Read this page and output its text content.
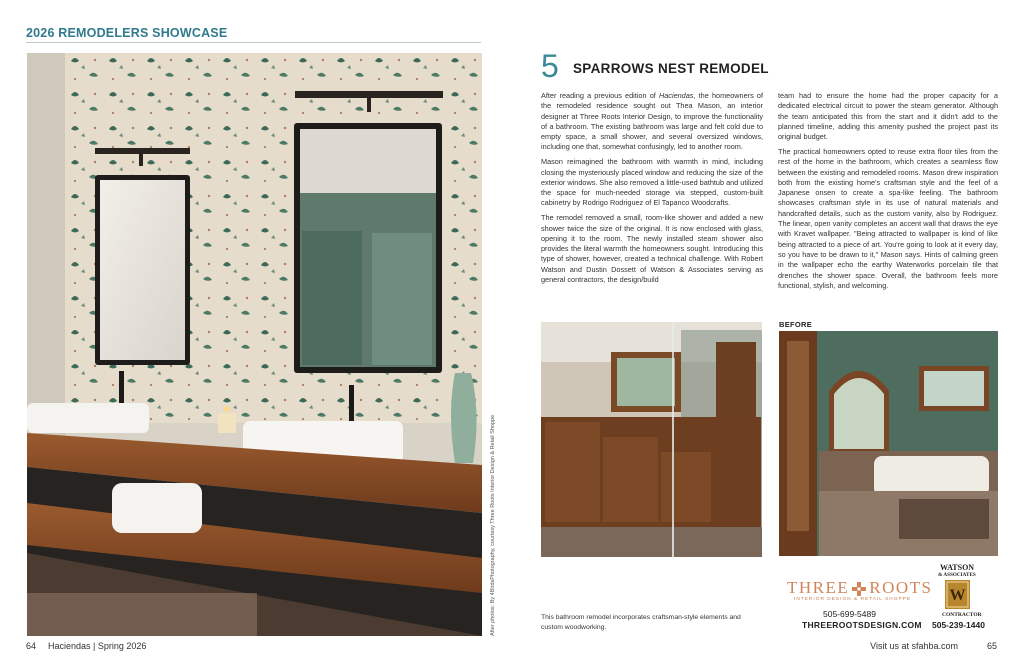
2026 REMODELERS SHOWCASE
After photos: By 4BirdsPhotography, courtesy Three Roots Interior Design & Retail Shoppe
5 SPARROWS NEST REMODEL

After reading a previous edition of Haciendas, the homeowners of the remodeled residence sought out Thea Mason, an interior designer at Three Roots Interior Design, to improve the functionality of a bathroom. The existing bathroom was large and felt cold due to empty space, a small shower, and several oversized windows, including one that, somewhat confusingly, led to another room.

Mason reimagined the bathroom with warmth in mind, including closing the mysteriously placed window and reducing the size of the exterior windows. She also removed a little-used bathtub and utilized the space for much-needed storage via stepped, custom-built cabinetry by Rodrigo Rodriguez of El Tapanco Woodcrafts.

The remodel removed a small, room-like shower and added a new shower twice the size of the original. It is now enclosed with glass, opening it to the room. The newly installed steam shower also provides the literal warmth the homeowners sought. Introducing this type of shower, however, created a technical challenge. With Robert Watson and Dustin Dossett of Watson & Associates serving as general contractors, the design/build

team had to ensure the home had the proper capacity for a dedicated electrical circuit to power the steam generator. Although the team anticipated this from the start and it didn't add to the planned timeline, adding this amenity pushed the project past its original budget.

The practical homeowners opted to reuse extra floor tiles from the rest of the home in the bathroom, which creates a seamless flow between the existing and remodeled rooms. Mason drew inspiration both from the existing home's craftsman style and the feel of a Japanese onsen to create a spa-like feeling. The bathroom showcases craftsman style in its use of natural materials and handcrafted details, such as the custom vanity, also by Rodriguez. The linear, open vanity completes an accent wall that draws the eye with Kravet wallpaper. "Being attracted to wallpaper is kind of like being attracted to a piece of art. You're going to look at it every day, so you have to be drawn to it," Mason says. Hints of calming green in the wallpaper echo the earthy Waterworks porcelain tile that drenches the shower space. Overall, the bathroom feels more functional, stylish, and welcoming.

BEFORE
This bathroom remodel incorporates craftsman-style elements and custom woodworking.
THREE ROOTS
INTERIOR DESIGN & RETAIL SHOPPE
505-699-5489
THREEROOTSDESIGN.COM
WATSON
& ASSOCIATES
W
CONTRACTOR
505-239-1440
64 Haciendas | Spring 2026	Visit us at sfahba.com	65
